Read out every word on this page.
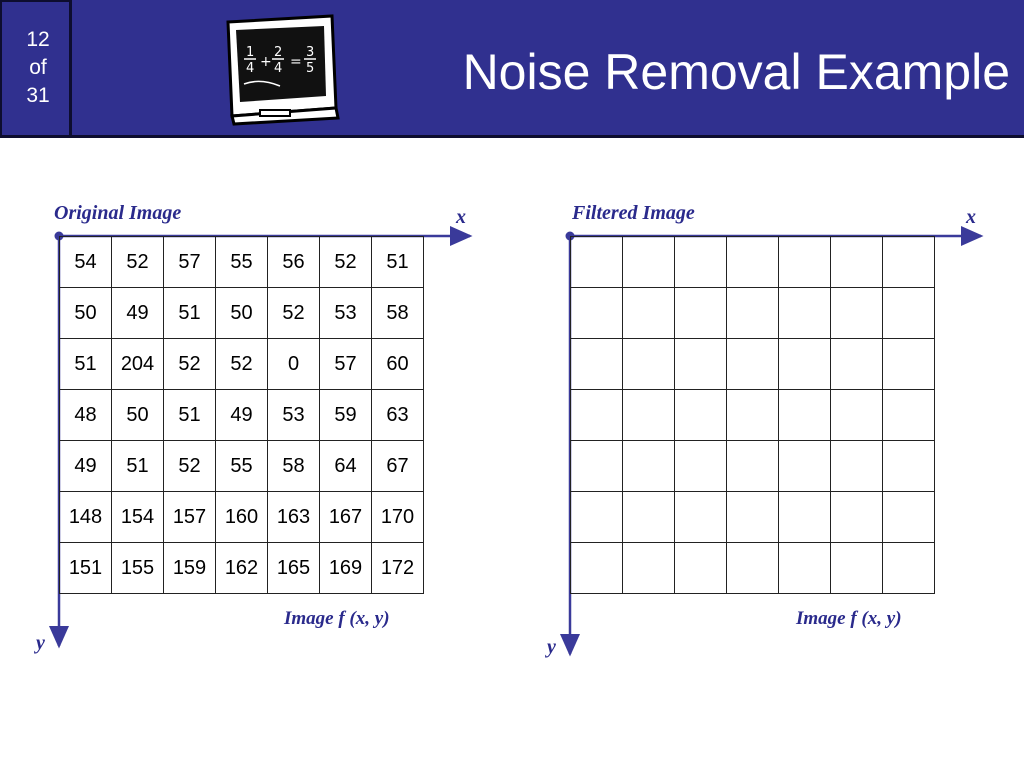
12
of
31
1
4 +
2
4 =
3
5	Noise Removal Example
Original Image	x
y
Image f (x, y)
54	52	57	55	56	52	51
50	49	51	50	52	53	58
51	204	52	52	0	57	60
48	50	51	49	53	59	63
49	51	52	55	58	64	67
148	154	157	160	163	167	170
151	155	159	162	165	169	172
Filtered Image	x
y
Image f (x, y)
